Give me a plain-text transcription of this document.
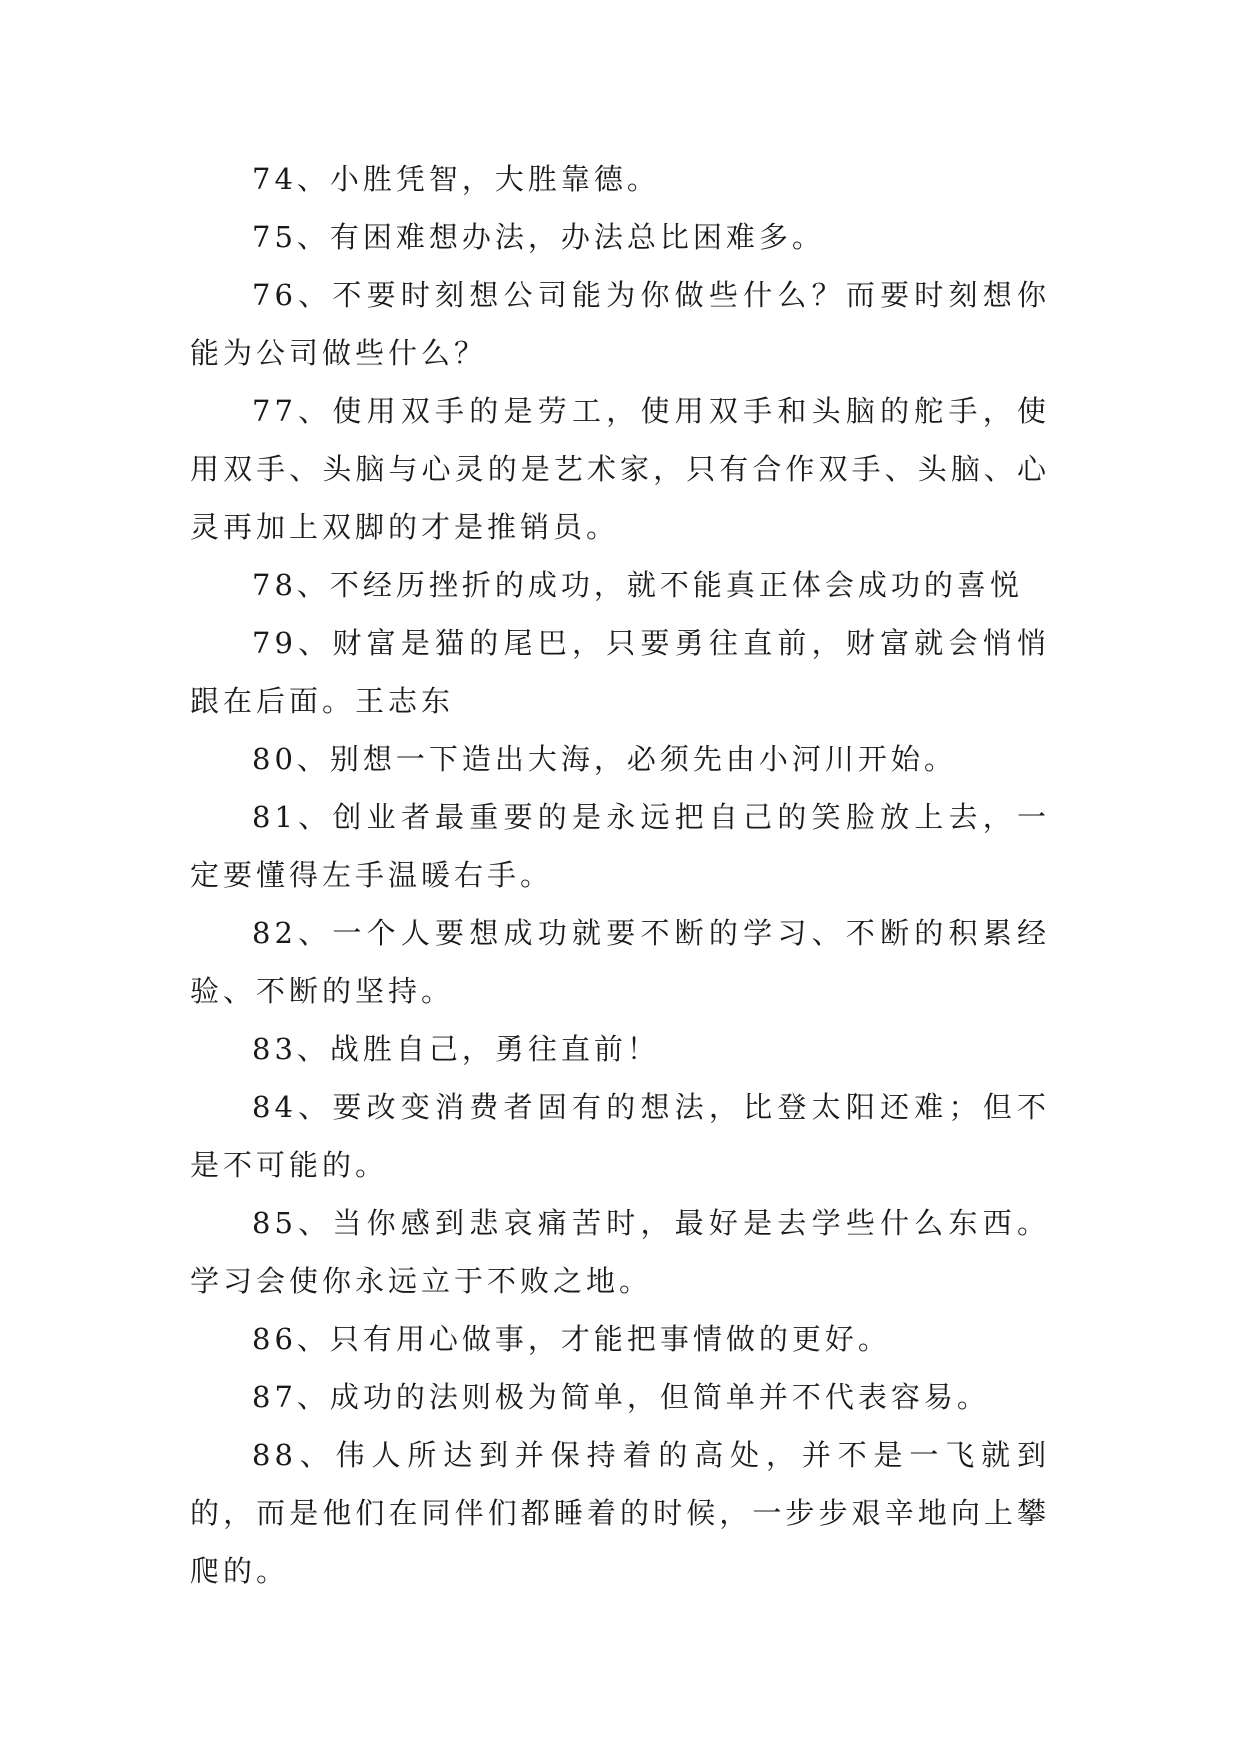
74、小胜凭智，大胜靠德。

75、有困难想办法，办法总比困难多。

76、不要时刻想公司能为你做些什么？而要时刻想你能为公司做些什么？

77、使用双手的是劳工，使用双手和头脑的舵手，使用双手、头脑与心灵的是艺术家，只有合作双手、头脑、心灵再加上双脚的才是推销员。

78、不经历挫折的成功，就不能真正体会成功的喜悦

79、财富是猫的尾巴，只要勇往直前，财富就会悄悄跟在后面。王志东

80、别想一下造出大海，必须先由小河川开始。

81、创业者最重要的是永远把自己的笑脸放上去，一定要懂得左手温暖右手。

82、一个人要想成功就要不断的学习、不断的积累经验、不断的坚持。

83、战胜自己，勇往直前！

84、要改变消费者固有的想法，比登太阳还难；但不是不可能的。

85、当你感到悲哀痛苦时，最好是去学些什么东西。学习会使你永远立于不败之地。

86、只有用心做事，才能把事情做的更好。

87、成功的法则极为简单，但简单并不代表容易。

88、伟人所达到并保持着的高处，并不是一飞就到的，而是他们在同伴们都睡着的时候，一步步艰辛地向上攀爬的。
